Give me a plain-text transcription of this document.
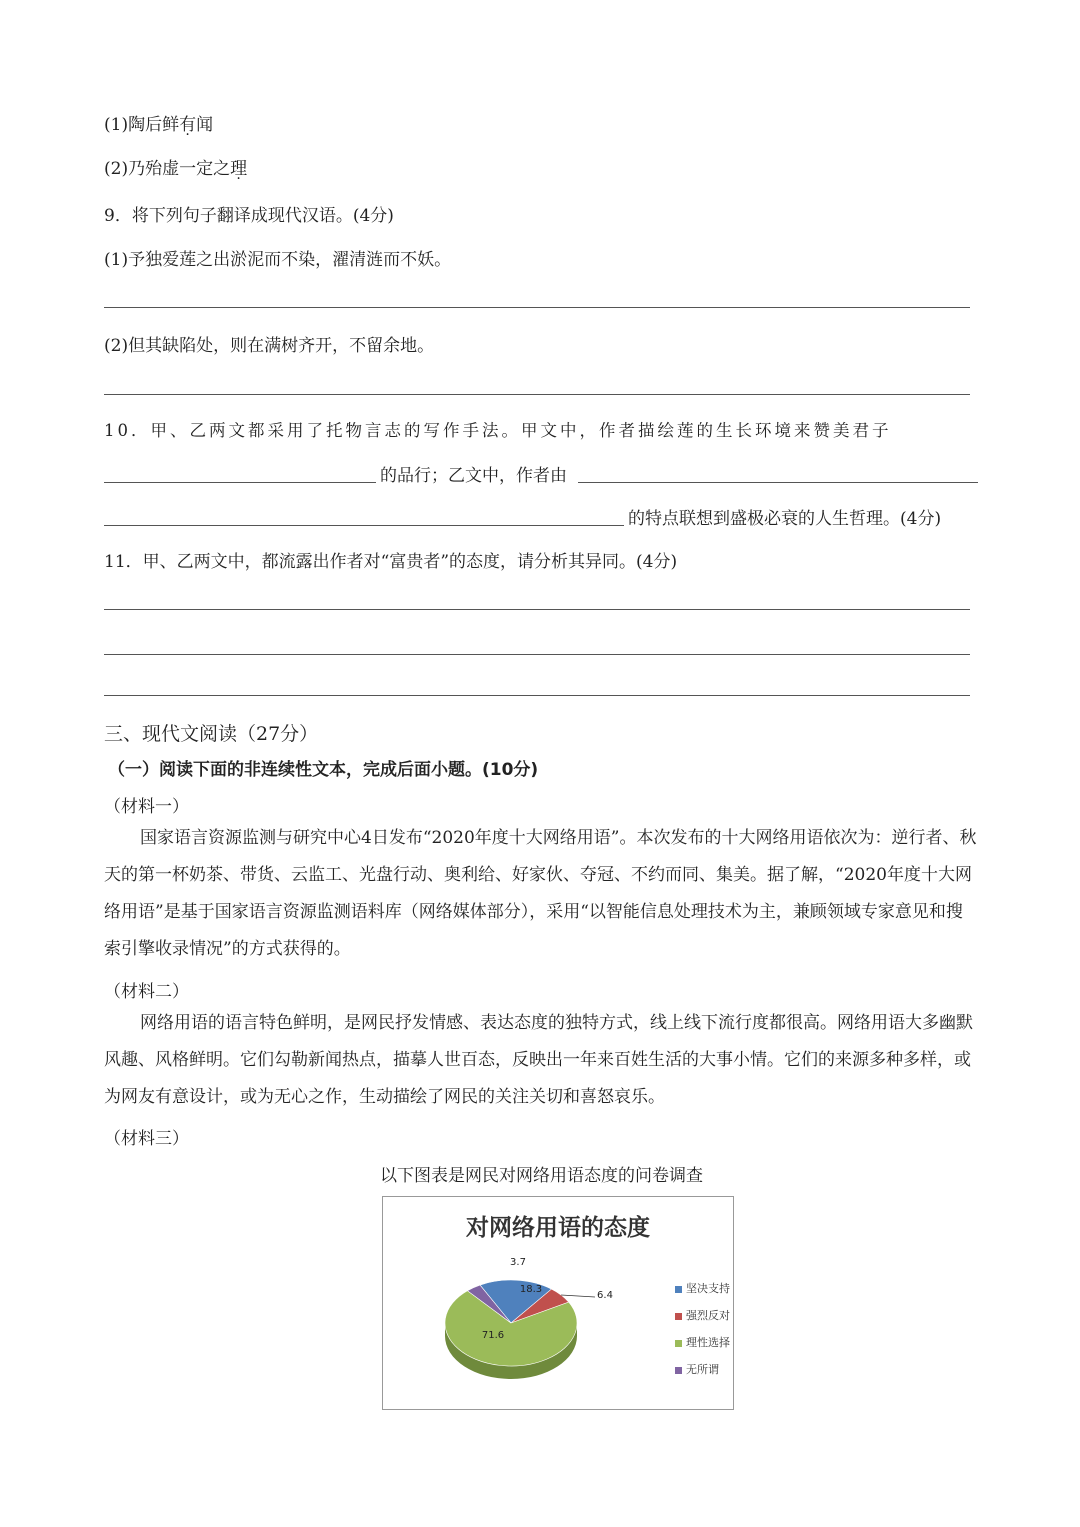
(1)陶后鲜有闻
(2)乃殆虚一定之理
9．将下列句子翻译成现代汉语。(4分)
(1)予独爱莲之出淤泥而不染，濯清涟而不妖。
(2)但其缺陷处，则在满树齐开，不留余地。
10．甲、乙两文都采用了托物言志的写作手法。甲文中，作者描绘莲的生长环境来赞美君子
的品行；乙文中，作者由
的特点联想到盛极必衰的人生哲理。(4分)
11．甲、乙两文中，都流露出作者对“富贵者”的态度，请分析其异同。(4分)
三、现代文阅读（27分）
（一）阅读下面的非连续性文本，完成后面小题。(10分)
（材料一）
国家语言资源监测与研究中心4日发布“2020年度十大网络用语”。本次发布的十大网络用语依次为：逆行者、秋天的第一杯奶茶、带货、云监工、光盘行动、奥利给、好家伙、夺冠、不约而同、集美。据了解，“2020年度十大网络用语”是基于国家语言资源监测语料库（网络媒体部分），采用“以智能信息处理技术为主，兼顾领域专家意见和搜索引擎收录情况”的方式获得的。
（材料二）
网络用语的语言特色鲜明，是网民抒发情感、表达态度的独特方式，线上线下流行度都很高。网络用语大多幽默风趣、风格鲜明。它们勾勒新闻热点，描摹人世百态，反映出一年来百姓生活的大事小情。它们的来源多种多样，或为网友有意设计，或为无心之作，生动描绘了网民的关注关切和喜怒哀乐。
（材料三）
以下图表是网民对网络用语态度的问卷调查
对网络用语的态度
18.3
6.4
71.6
3.7
坚决支持
强烈反对
理性选择
无所谓
